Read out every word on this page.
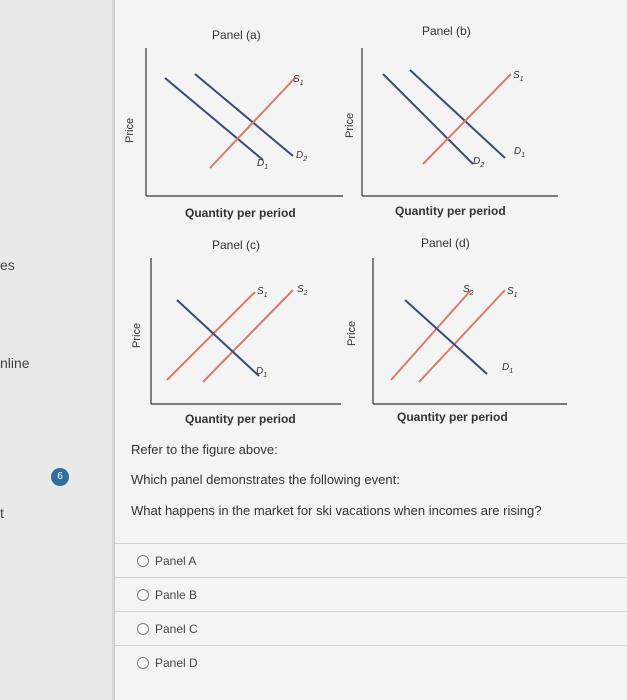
es
nline
t
6
Panel (a)	Panel (b)
Panel (c)	Panel (d)
Price	Price
Price	Price
Quantity per period	Quantity per period
Quantity per period	Quantity per period
$S_1$
$D_1$
$D_2$
$S_1$
$D_2$
$D_1$
$S_1$
$S_2$
$D_1$
$S_2$	$S_1$
$D_1$
Refer to the figure above:
Which panel demonstrates the following event:
What happens in the market for ski vacations when incomes are rising?
Panel A
Panle B
Panel C
Panel D
